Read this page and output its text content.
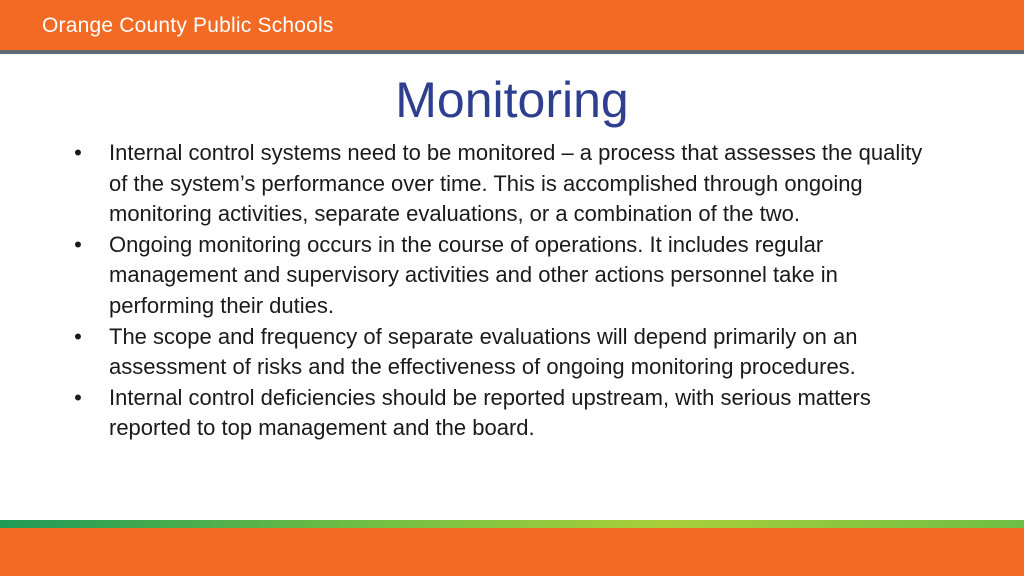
Orange County Public Schools
Monitoring
• Internal control systems need to be monitored – a process that assesses the quality of the system’s performance over time. This is accomplished through ongoing monitoring activities, separate evaluations, or a combination of the two.
• Ongoing monitoring occurs in the course of operations. It includes regular management and supervisory activities and other actions personnel take in performing their duties.
• The scope and frequency of separate evaluations will depend primarily on an assessment of risks and the effectiveness of ongoing monitoring procedures.
• Internal control deficiencies should be reported upstream, with serious matters reported to top management and the board.
